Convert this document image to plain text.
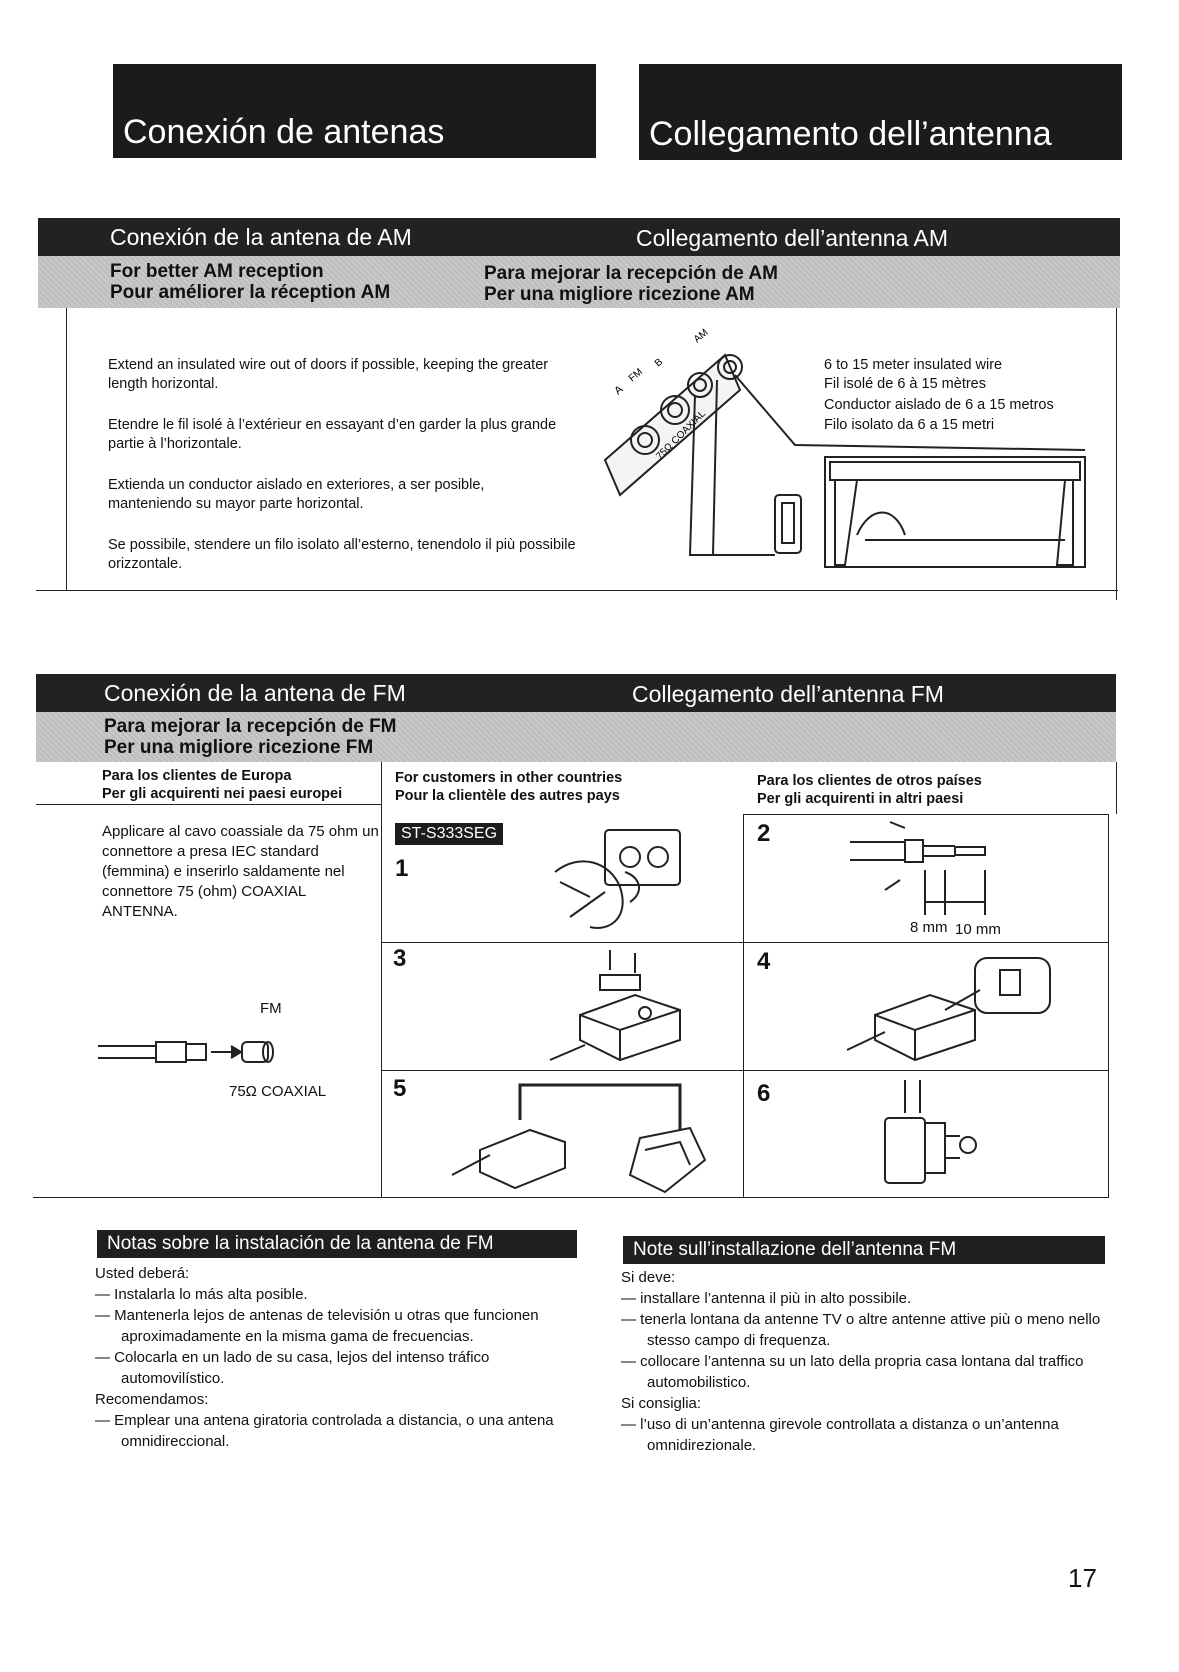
Conexión de antenas	Collegamento dell’antenna
Conexión de la antena de AM	Collegamento dell’antenna AM
For better AM reception
Pour améliorer la réception AM
Para mejorar la recepción de AM
Per una migliore ricezione AM
Extend an insulated wire out of doors if possible, keeping the greater length horizontal.
Etendre le fil isolé à l’extérieur en essayant d’en garder la plus grande partie à l’horizontale.
Extienda un conductor aislado en exteriores, a ser posible, manteniendo su mayor parte horizontal.
Se possibile, stendere un filo isolato all’esterno, tenendolo il più possibile orizzontale.
6 to 15 meter insulated wire
Fil isolé de 6 à 15 mètres
Conductor aislado de 6 a 15 metros
Filo isolato da 6 a 15 metri
A
FM
B
AM
75Ω COAXIAL
Conexión de la antena de FM	Collegamento dell’antenna FM
Para mejorar la recepción de FM
Per una migliore ricezione FM
Para los clientes de Europa
Per gli acquirenti nei paesi europei
For customers in other countries
Pour la clientèle des autres pays
Para los clientes de otros países
Per gli acquirenti in altri paesi
Applicare al cavo coassiale da 75 ohm un connettore a presa IEC standard (femmina) e inserirlo saldamente nel connettore 75 (ohm) COAXIAL ANTENNA.
FM
75Ω COAXIAL
ST-S333SEG
1
2
8 mm 10 mm
3	4
5	6
Notas sobre la instalación de la antena de FM	Note sull’installazione dell’antenna FM
Usted deberá:
— Instalarla lo más alta posible.
— Mantenerla lejos de antenas de televisión u otras que funcionen aproximadamente en la misma gama de frecuencias.
— Colocarla en un lado de su casa, lejos del intenso tráfico automovilístico.
Recomendamos:
— Emplear una antena giratoria controlada a distancia, o una antena omnidireccional.
Si deve:
— installare l’antenna il più in alto possibile.
— tenerla lontana da antenne TV o altre antenne attive più o meno nello stesso campo di frequenza.
— collocare l’antenna su un lato della propria casa lontana dal traffico automobilistico.
Si consiglia:
— l’uso di un’antenna girevole controllata a distanza o un’antenna omnidirezionale.
17
